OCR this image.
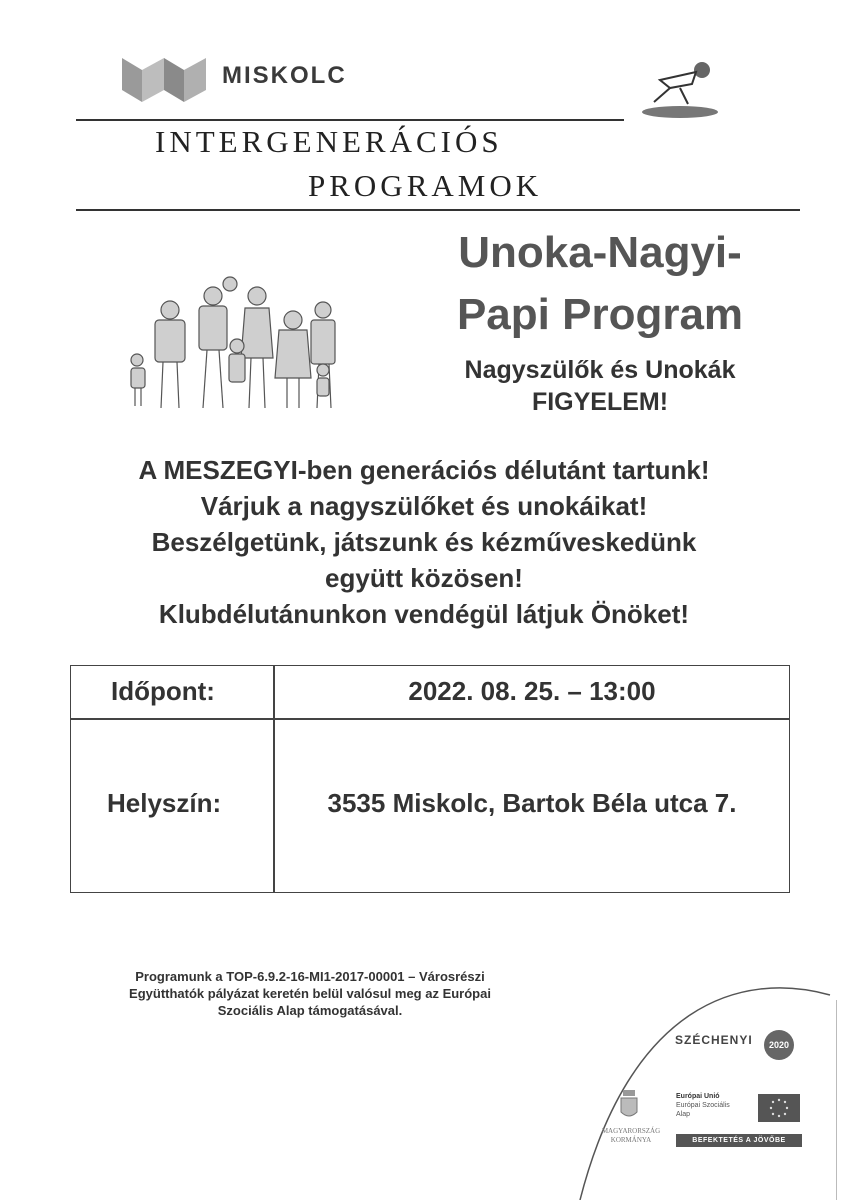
MISKOLC
INTERGENERÁCIÓS
PROGRAMOK
Unoka-Nagyi-
Papi Program
Nagyszülők és Unokák
FIGYELEM!
A MESZEGYI-ben generációs délutánt tartunk!
Várjuk a nagyszülőket és unokáikat!
Beszélgetünk, játszunk és kézműveskedünk
együtt közösen!
Klubdélutánunkon vendégül látjuk Önöket!
Időpont:	2022. 08. 25. – 13:00
Helyszín:	3535 Miskolc, Bartok Béla utca 7.
Programunk a TOP-6.9.2-16-MI1-2017-00001 – Városrészi
Együtthatók pályázat keretén belül valósul meg az Európai
Szociális Alap támogatásával.
SZÉCHENYI	2020
MAGYARORSZÁG
KORMÁNYA
Európai Unió
Európai Szociális
Alap
BEFEKTETÉS A JÖVŐBE
